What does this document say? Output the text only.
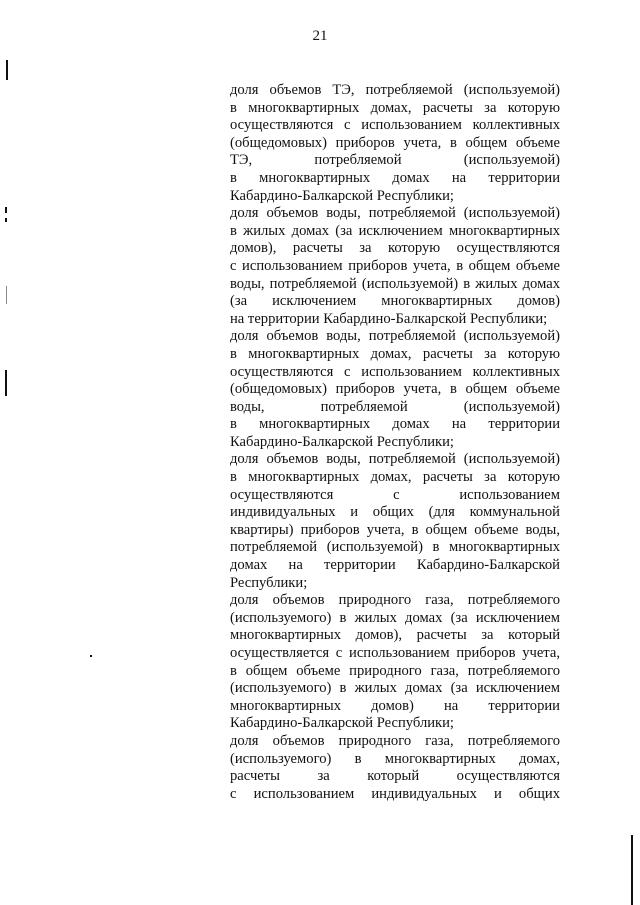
21
доля объемов ТЭ, потребляемой (используемой)
в многоквартирных домах, расчеты за которую
осуществляются с использованием коллективных
(общедомовых) приборов учета, в общем объеме
ТЭ, потребляемой (используемой)
в многоквартирных домах на территории
Кабардино-Балкарской Республики;
доля объемов воды, потребляемой (используемой)
в жилых домах (за исключением многоквартирных
домов), расчеты за которую осуществляются
с использованием приборов учета, в общем объеме
воды, потребляемой (используемой) в жилых домах
(за исключением многоквартирных домов)
на территории Кабардино-Балкарской Республики;
доля объемов воды, потребляемой (используемой)
в многоквартирных домах, расчеты за которую
осуществляются с использованием коллективных
(общедомовых) приборов учета, в общем объеме
воды, потребляемой (используемой)
в многоквартирных домах на территории
Кабардино-Балкарской Республики;
доля объемов воды, потребляемой (используемой)
в многоквартирных домах, расчеты за которую
осуществляются с использованием
индивидуальных и общих (для коммунальной
квартиры) приборов учета, в общем объеме воды,
потребляемой (используемой) в многоквартирных
домах на территории Кабардино-Балкарской
Республики;
доля объемов природного газа, потребляемого
(используемого) в жилых домах (за исключением
многоквартирных домов), расчеты за который
осуществляется с использованием приборов учета,
в общем объеме природного газа, потребляемого
(используемого) в жилых домах (за исключением
многоквартирных домов) на территории
Кабардино-Балкарской Республики;
доля объемов природного газа, потребляемого
(используемого) в многоквартирных домах,
расчеты за который осуществляются
с использованием индивидуальных и общих
